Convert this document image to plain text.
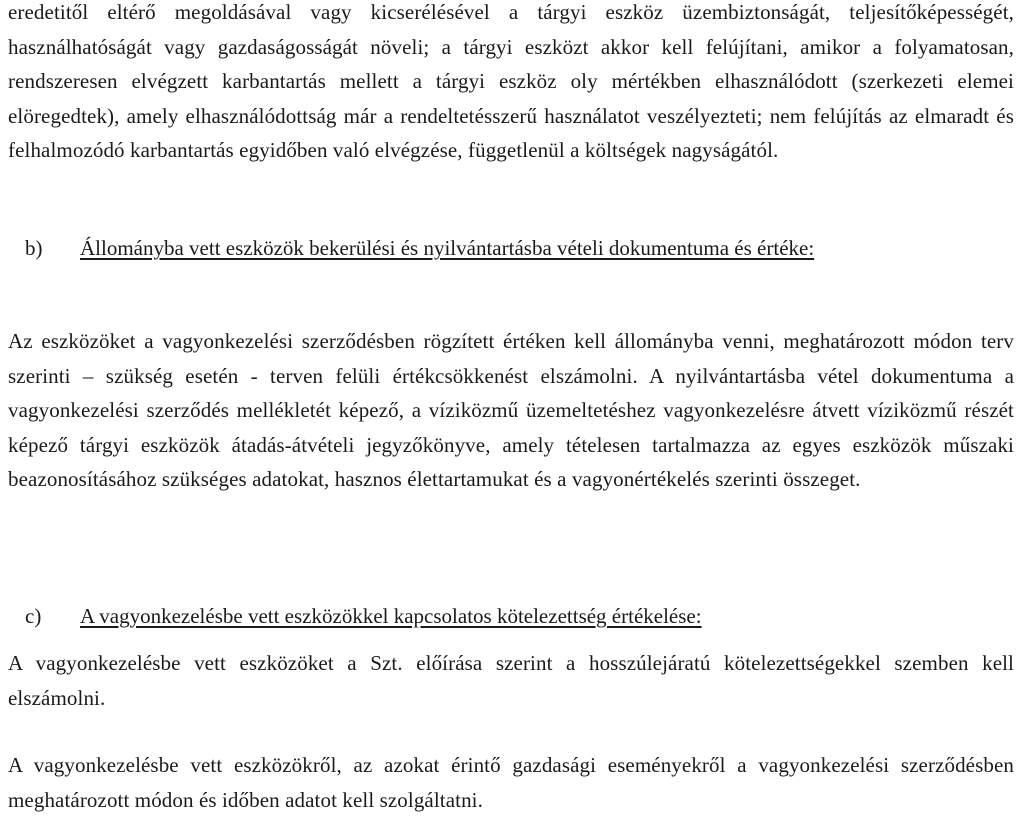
eredetitől eltérő megoldásával vagy kicserélésével a tárgyi eszköz üzembiztonságát, teljesítőképességét, használhatóságát vagy gazdaságosságát növeli; a tárgyi eszközt akkor kell felújítani, amikor a folyamatosan, rendszeresen elvégzett karbantartás mellett a tárgyi eszköz oly mértékben elhasználódott (szerkezeti elemei elöregedtek), amely elhasználódottság már a rendeltetésszerű használatot veszélyezteti; nem felújítás az elmaradt és felhalmozódó karbantartás egyidőben való elvégzése, függetlenül a költségek nagyságától.

b) Állományba vett eszközök bekerülési és nyilvántartásba vételi dokumentuma és értéke:

Az eszközöket a vagyonkezelési szerződésben rögzített értéken kell állományba venni, meghatározott módon terv szerinti – szükség esetén - terven felüli értékcsökkenést elszámolni. A nyilvántartásba vétel dokumentuma a vagyonkezelési szerződés mellékletét képező, a víziközmű üzemeltetéshez vagyonkezelésre átvett víziközmű részét képező tárgyi eszközök átadás-átvételi jegyzőkönyve, amely tételesen tartalmazza az egyes eszközök műszaki beazonosításához szükséges adatokat, hasznos élettartamukat és a vagyonértékelés szerinti összeget.

c) A vagyonkezelésbe vett eszközökkel kapcsolatos kötelezettség értékelése:

A vagyonkezelésbe vett eszközöket a Szt. előírása szerint a hosszúlejáratú kötelezettségekkel szemben kell elszámolni.

A vagyonkezelésbe vett eszközökről, az azokat érintő gazdasági eseményekről a vagyonkezelési szerződésben meghatározott módon és időben adatot kell szolgáltatni.
